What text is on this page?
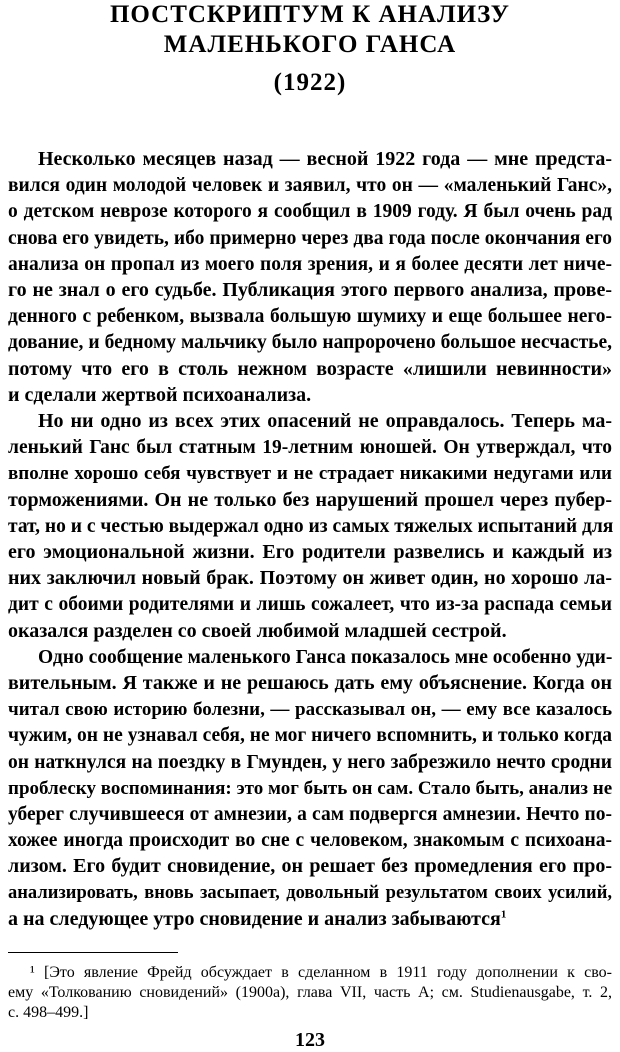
ПОСТСКРИПТУМ К АНАЛИЗУ
МАЛЕНЬКОГО ГАНСА
(1922)
Несколько месяцев назад — весной 1922 года — мне предста-
вился один молодой человек и заявил, что он — «маленький Ганс»,
о детском неврозе которого я сообщил в 1909 году. Я был очень рад
снова его увидеть, ибо примерно через два года после окончания его
анализа он пропал из моего поля зрения, и я более десяти лет ниче-
го не знал о его судьбе. Публикация этого первого анализа, прове-
денного с ребенком, вызвала большую шумиху и еще большее него-
дование, и бедному мальчику было напророчено большое несчастье,
потому что его в столь нежном возрасте «лишили невинности»
и сделали жертвой психоанализа.
Но ни одно из всех этих опасений не оправдалось. Теперь ма-
ленький Ганс был статным 19-летним юношей. Он утверждал, что
вполне хорошо себя чувствует и не страдает никакими недугами или
торможениями. Он не только без нарушений прошел через пубер-
тат, но и с честью выдержал одно из самых тяжелых испытаний для
его эмоциональной жизни. Его родители развелись и каждый из
них заключил новый брак. Поэтому он живет один, но хорошо ла-
дит с обоими родителями и лишь сожалеет, что из-за распада семьи
оказался разделен со своей любимой младшей сестрой.
Одно сообщение маленького Ганса показалось мне особенно уди-
вительным. Я также и не решаюсь дать ему объяснение. Когда он
читал свою историю болезни, — рассказывал он, — ему все казалось
чужим, он не узнавал себя, не мог ничего вспомнить, и только когда
он наткнулся на поездку в Гмунден, у него забрезжило нечто сродни
проблеску воспоминания: это мог быть он сам. Стало быть, анализ не
уберег случившееся от амнезии, а сам подвергся амнезии. Нечто по-
хожее иногда происходит во сне с человеком, знакомым с психоана-
лизом. Его будит сновидение, он решает без промедления его про-
анализировать, вновь засыпает, довольный результатом своих усилий,
а на следующее утро сновидение и анализ забываются$^1$
¹ [Это явление Фрейд обсуждает в сделанном в 1911 году дополнении к сво-
ему «Толкованию сновидений» (1900a), глава VII, часть A; см. Studienausgabe, т. 2,
с. 498–499.]
123
